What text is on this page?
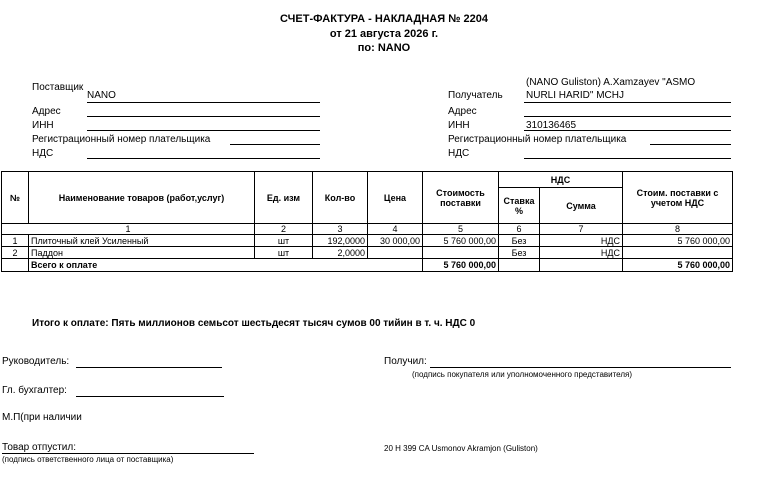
СЧЕТ-ФАКТУРА - НАКЛАДНАЯ № 2204
от 21 августа 2026 г.
по: NANO
Поставщик
NANO
Адрес
ИНН
Регистрационный номер плательщика
НДС
(NANO Guliston) A.Xamzayev "ASMO
Получатель NURLI HARID" MCHJ
Адрес
ИНН	310136465
Регистрационный номер плательщика
НДС
№	Наименование товаров (работ,услуг)	Ед. изм	Кол-во	Цена	Стоимость поставки	НДС		Стоим. поставки с учетом НДС
						Ставка %	Сумма	
1		2	3	4	5	6	7	8
1	Плиточный клей Усиленный	шт	192,0000	30 000,00	5 760 000,00	Без	НДС	5 760 000,00
2	Паддон	шт	2,0000			Без	НДС	
	Всего к оплате				5 760 000,00			5 760 000,00
Итого к оплате: Пять миллионов семьсот шестьдесят тысяч сумов 00 тийин в т. ч. НДС 0
Руководитель:
Гл. бухгалтер:
М.П(при наличии
Товар отпустил:
(подпись ответственного лица от поставщика)
Получил:
(подпись покупателя или уполномоченного представителя)
20 H 399 CA Usmonov Akramjon (Guliston)
